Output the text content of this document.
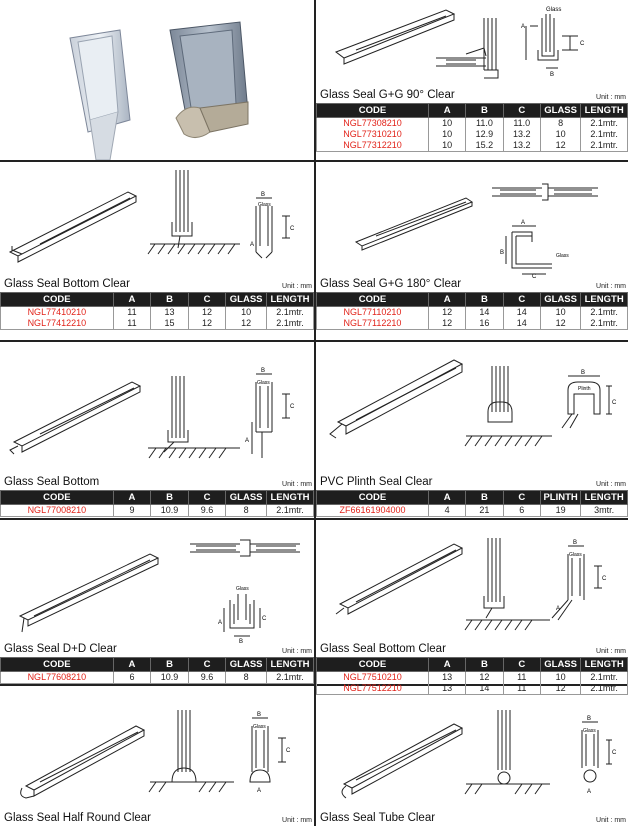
Glass
A
C
B
Glass Seal G+G 90° Clear	Unit : mm
CODE	A	B	C	GLASS	LENGTH
NGL77308210	10	11.0	11.0	8	2.1mtr.
NGL77310210	10	12.9	13.2	10	2.1mtr.
NGL77312210	10	15.2	13.2	12	2.1mtr.
B
Glass
C
A
Glass Seal Bottom Clear	Unit : mm
CODE	A	B	C	GLASS	LENGTH
NGL77410210	11	13	12	10	2.1mtr.
NGL77412210	11	15	12	12	2.1mtr.
A
B	Glass
C
Glass Seal G+G 180° Clear	Unit : mm
CODE	A	B	C	GLASS	LENGTH
NGL77110210	12	14	14	10	2.1mtr.
NGL77112210	12	16	14	12	2.1mtr.
B
Glass
C
A
Glass Seal Bottom	Unit : mm
CODE	A	B	C	GLASS	LENGTH
NGL77008210	9	10.9	9.6	8	2.1mtr.
B
Plinth
C
PVC Plinth Seal Clear	Unit : mm
CODE	A	B	C	PLINTH	LENGTH
ZF66161904000	4	21	6	19	3mtr.
Glass
A
C
B
Glass Seal D+D Clear	Unit : mm
CODE	A	B	C	GLASS	LENGTH
NGL77608210	6	10.9	9.6	8	2.1mtr.
B
Glass
C
A
Glass Seal Bottom Clear	Unit : mm
CODE	A	B	C	GLASS	LENGTH
NGL77510210	13	12	11	10	2.1mtr.
NGL77512210	13	14	11	12	2.1mtr.
B
Glass
C
A
Glass Seal Half Round Clear	Unit : mm
B
Glass
C
A
Glass Seal Tube Clear	Unit : mm
